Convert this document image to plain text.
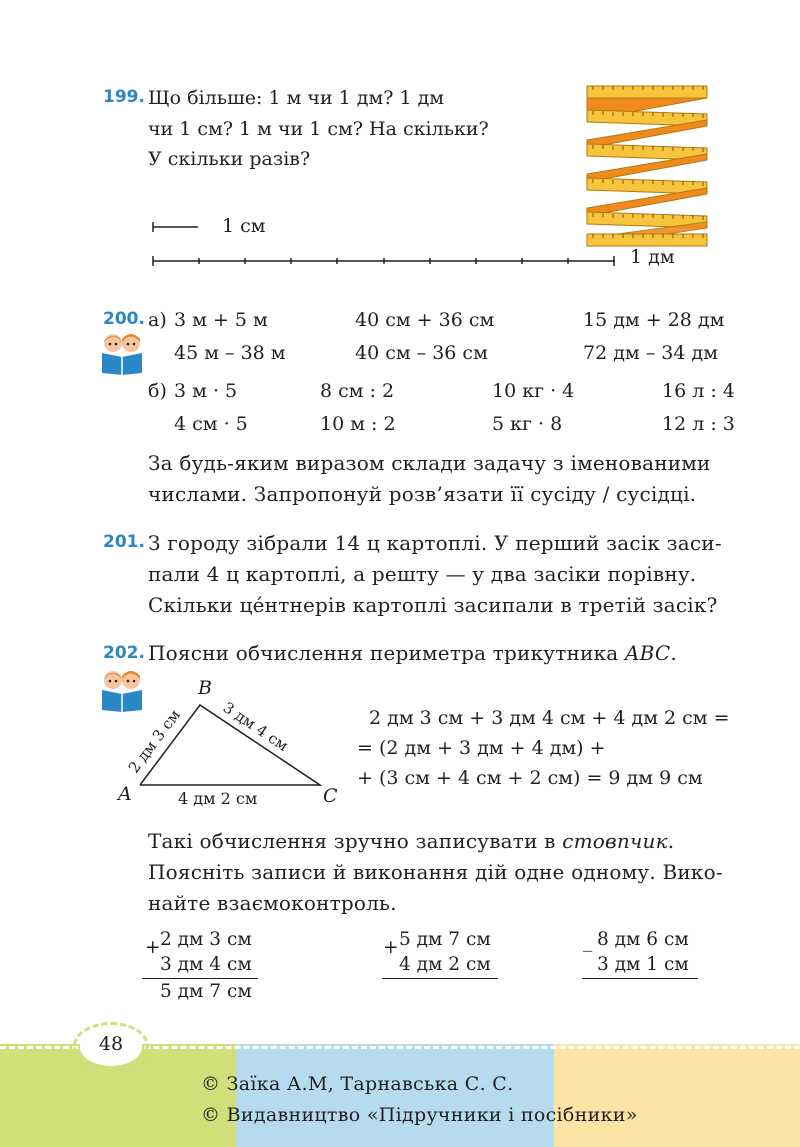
199. Що більше: 1 м чи 1 дм? 1 дм
чи 1 см? 1 м чи 1 см? На скільки?
У скільки разів?
1 см
1 дм
200. а) 3 м + 5 м	40 см + 36 см	15 дм + 28 дм
45 м – 38 м	40 см – 36 см	72 дм – 34 дм
б) 3 м · 5	8 см : 2	10 кг · 4	16 л : 4
4 см · 5	10 м : 2	5 кг · 8	12 л : 3
За будь-яким виразом склади задачу з іменованими
числами. Запропонуй розв’язати її сусіду / сусідці.
201. З городу зібрали 14 ц картоплі. У перший засік заси-
пали 4 ц картоплі, а решту — у два засіки порівну.
Скільки це́нтнерів картоплі засипали в третій засік?
202. Поясни обчислення периметра трикутника ABC.
A
B
C
2 дм 3 см 3 дм 4 см
4 дм 2 см
2 дм 3 см + 3 дм 4 см + 4 дм 2 см =
= (2 дм + 3 дм + 4 дм) +
+ (3 см + 4 см + 2 см) = 9 дм 9 см
Такі обчислення зручно записувати в стовпчик.
Поясніть записи й виконання дій одне одному. Вико-
найте взаємоконтроль.
+ 2 дм 3 см
3 дм 4 см
5 дм 7 см
+ 5 дм 7 см
4 дм 2 см
_ 8 дм 6 см
3 дм 1 см
48
© Заїка А.М, Тарнавська С. С.
© Видавництво «Підручники і посібники»
